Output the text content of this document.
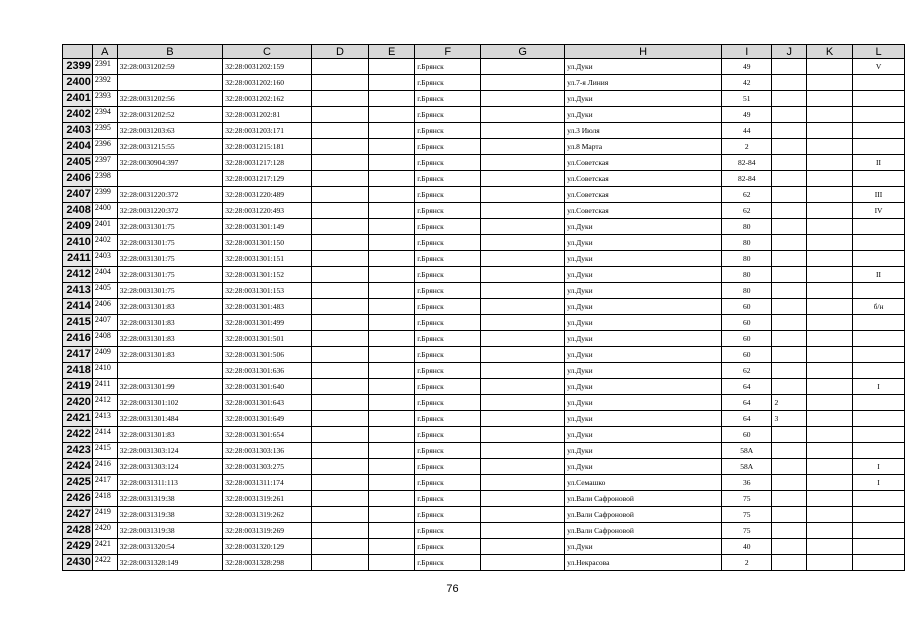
	A	B	C	D	E	F	G	H	I	J	K	L
2399	2391	32:28:0031202:59	32:28:0031202:159			г.Брянск		ул.Дуки	49			V
2400	2392		32:28:0031202:160			г.Брянск		ул.7-я Линия	42			
2401	2393	32:28:0031202:56	32:28:0031202:162			г.Брянск		ул.Дуки	51			
2402	2394	32:28:0031202:52	32:28:0031202:81			г.Брянск		ул.Дуки	49			
2403	2395	32:28:0031203:63	32:28:0031203:171			г.Брянск		ул.3 Июля	44			
2404	2396	32:28:0031215:55	32:28:0031215:181			г.Брянск		ул.8 Марта	2			
2405	2397	32:28:0030904:397	32:28:0031217:128			г.Брянск		ул.Советская	82-84			II
2406	2398		32:28:0031217:129			г.Брянск		ул.Советская	82-84			
2407	2399	32:28:0031220:372	32:28:0031220:489			г.Брянск		ул.Советская	62			III
2408	2400	32:28:0031220:372	32:28:0031220:493			г.Брянск		ул.Советская	62			IV
2409	2401	32:28:0031301:75	32:28:0031301:149			г.Брянск		ул.Дуки	80			
2410	2402	32:28:0031301:75	32:28:0031301:150			г.Брянск		ул.Дуки	80			
2411	2403	32:28:0031301:75	32:28:0031301:151			г.Брянск		ул.Дуки	80			
2412	2404	32:28:0031301:75	32:28:0031301:152			г.Брянск		ул.Дуки	80			II
2413	2405	32:28:0031301:75	32:28:0031301:153			г.Брянск		ул.Дуки	80			
2414	2406	32:28:0031301:83	32:28:0031301:483			г.Брянск		ул.Дуки	60			б/н
2415	2407	32:28:0031301:83	32:28:0031301:499			г.Брянск		ул.Дуки	60			
2416	2408	32:28:0031301:83	32:28:0031301:501			г.Брянск		ул.Дуки	60			
2417	2409	32:28:0031301:83	32:28:0031301:506			г.Брянск		ул.Дуки	60			
2418	2410		32:28:0031301:636			г.Брянск		ул.Дуки	62			
2419	2411	32:28:0031301:99	32:28:0031301:640			г.Брянск		ул.Дуки	64			I
2420	2412	32:28:0031301:102	32:28:0031301:643			г.Брянск		ул.Дуки	64	2		
2421	2413	32:28:0031301:484	32:28:0031301:649			г.Брянск		ул.Дуки	64	3		
2422	2414	32:28:0031301:83	32:28:0031301:654			г.Брянск		ул.Дуки	60			
2423	2415	32:28:0031303:124	32:28:0031303:136			г.Брянск		ул.Дуки	58А			
2424	2416	32:28:0031303:124	32:28:0031303:275			г.Брянск		ул.Дуки	58А			I
2425	2417	32:28:0031311:113	32:28:0031311:174			г.Брянск		ул.Семашко	36			I
2426	2418	32:28:0031319:38	32:28:0031319:261			г.Брянск		ул.Вали Сафроновой	75			
2427	2419	32:28:0031319:38	32:28:0031319:262			г.Брянск		ул.Вали Сафроновой	75			
2428	2420	32:28:0031319:38	32:28:0031319:269			г.Брянск		ул.Вали Сафроновой	75			
2429	2421	32:28:0031320:54	32:28:0031320:129			г.Брянск		ул.Дуки	40			
2430	2422	32:28:0031328:149	32:28:0031328:298			г.Брянск		ул.Некрасова	2			
76
